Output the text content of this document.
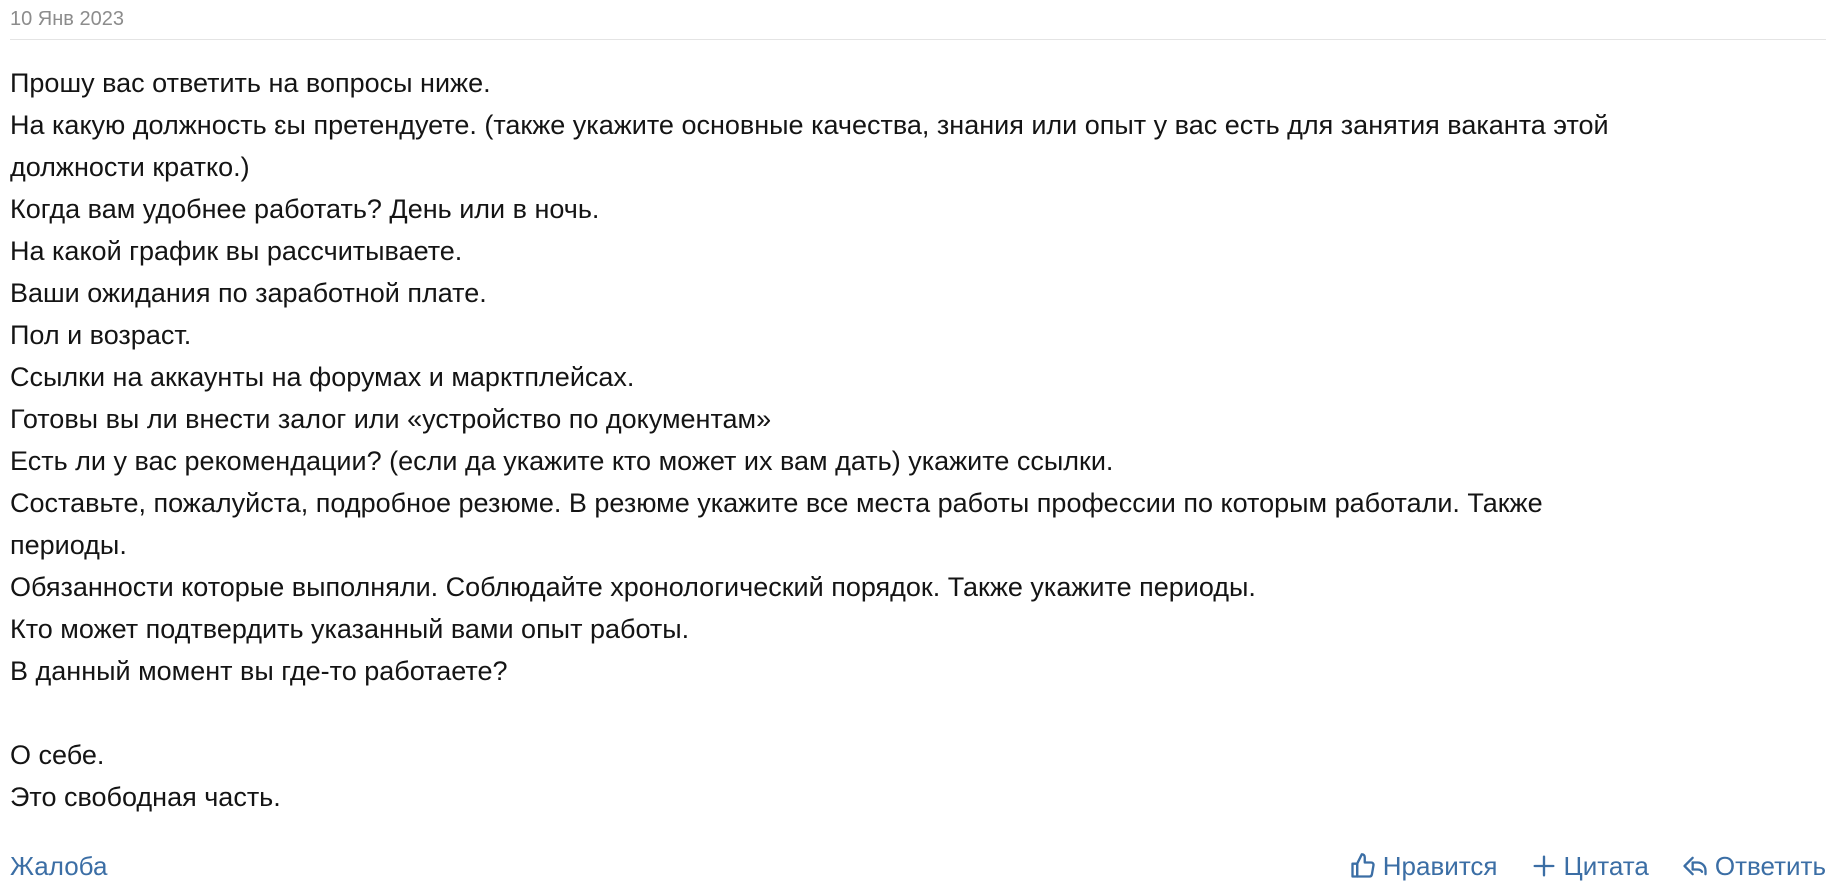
10 Янв 2023
Прошу вас ответить на вопросы ниже.
На какую должность ɛы претендуете. (также укажите основные качества, знания или опыт у вас есть для занятия ваканта этой
должности кратко.)
Когда вам удобнее работать? День или в ночь.
На какой график вы рассчитываете.
Ваши ожидания по заработной плате.
Пол и возраст.
Ссылки на аккаунты на форумах и марктплейсах.
Готовы вы ли внести залог или «устройство по документам»
Есть ли у вас рекомендации? (если да укажите кто может их вам дать) укажите ссылки.
Составьте, пожалуйста, подробное резюме. В резюме укажите все места работы профессии по которым работали. Также
периоды.
Обязанности которые выполняли. Соблюдайте хронологический порядок. Также укажите периоды.
Кто может подтвердить указанный вами опыт работы.
В данный момент вы где-то работаете?
О себе.
Это свободная часть.
Жалоба	Нравится	Цитата	Ответить
